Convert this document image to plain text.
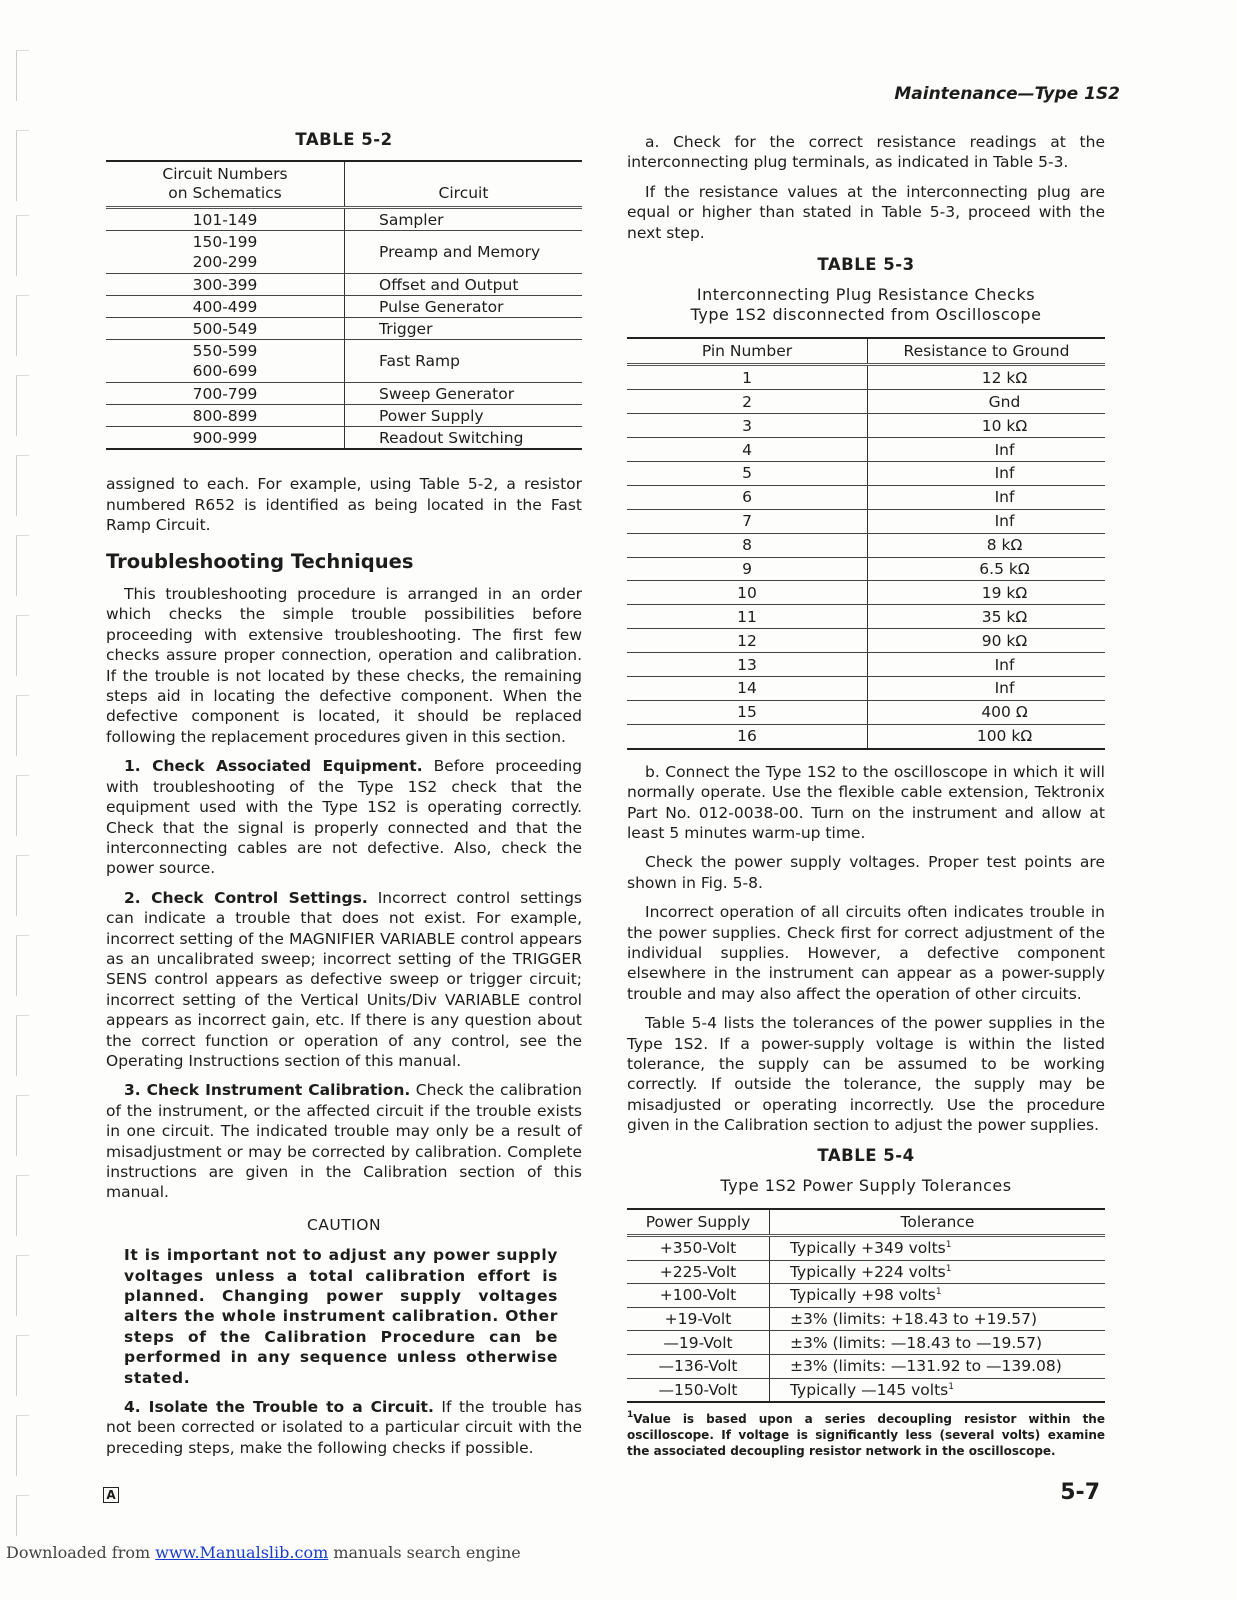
Maintenance—Type 1S2
TABLE 5-2
Circuit Numbers
on Schematics	Circuit
101-149	Sampler
150-199
200-299	Preamp and Memory
300-399	Offset and Output
400-499	Pulse Generator
500-549	Trigger
550-599
600-699	Fast Ramp
700-799	Sweep Generator
800-899	Power Supply
900-999	Readout Switching

assigned to each. For example, using Table 5-2, a resistor numbered R652 is identified as being located in the Fast Ramp Circuit.

Troubleshooting Techniques

This troubleshooting procedure is arranged in an order which checks the simple trouble possibilities before proceeding with extensive troubleshooting. The first few checks assure proper connection, operation and calibration. If the trouble is not located by these checks, the remaining steps aid in locating the defective component. When the defective component is located, it should be replaced following the replacement procedures given in this section.

1. Check Associated Equipment. Before proceeding with troubleshooting of the Type 1S2 check that the equipment used with the Type 1S2 is operating correctly. Check that the signal is properly connected and that the interconnecting cables are not defective. Also, check the power source.

2. Check Control Settings. Incorrect control settings can indicate a trouble that does not exist. For example, incorrect setting of the MAGNIFIER VARIABLE control appears as an uncalibrated sweep; incorrect setting of the TRIGGER SENS control appears as defective sweep or trigger circuit; incorrect setting of the Vertical Units/Div VARIABLE control appears as incorrect gain, etc. If there is any question about the correct function or operation of any control, see the Operating Instructions section of this manual.

3. Check Instrument Calibration. Check the calibration of the instrument, or the affected circuit if the trouble exists in one circuit. The indicated trouble may only be a result of misadjustment or may be corrected by calibration. Complete instructions are given in the Calibration section of this manual.

CAUTION
It is important not to adjust any power supply voltages unless a total calibration effort is planned. Changing power supply voltages alters the whole instrument calibration. Other steps of the Calibration Procedure can be performed in any sequence unless otherwise stated.

4. Isolate the Trouble to a Circuit. If the trouble has not been corrected or isolated to a particular circuit with the preceding steps, make the following checks if possible.

a. Check for the correct resistance readings at the interconnecting plug terminals, as indicated in Table 5-3.

If the resistance values at the interconnecting plug are equal or higher than stated in Table 5-3, proceed with the next step.

TABLE 5-3
Interconnecting Plug Resistance Checks
Type 1S2 disconnected from Oscilloscope
Pin Number	Resistance to Ground
1	12 kΩ
2	Gnd
3	10 kΩ
4	Inf
5	Inf
6	Inf
7	Inf
8	8 kΩ
9	6.5 kΩ
10	19 kΩ
11	35 kΩ
12	90 kΩ
13	Inf
14	Inf
15	400 Ω
16	100 kΩ

b. Connect the Type 1S2 to the oscilloscope in which it will normally operate. Use the flexible cable extension, Tektronix Part No. 012-0038-00. Turn on the instrument and allow at least 5 minutes warm-up time.

Check the power supply voltages. Proper test points are shown in Fig. 5-8.

Incorrect operation of all circuits often indicates trouble in the power supplies. Check first for correct adjustment of the individual supplies. However, a defective component elsewhere in the instrument can appear as a power-supply trouble and may also affect the operation of other circuits.

Table 5-4 lists the tolerances of the power supplies in the Type 1S2. If a power-supply voltage is within the listed tolerance, the supply can be assumed to be working correctly. If outside the tolerance, the supply may be misadjusted or operating incorrectly. Use the procedure given in the Calibration section to adjust the power supplies.

TABLE 5-4
Type 1S2 Power Supply Tolerances
Power Supply	Tolerance
+350-Volt	Typically +349 volts$^1$
+225-Volt	Typically +224 volts$^1$
+100-Volt	Typically +98 volts$^1$
+19-Volt	±3% (limits: +18.43 to +19.57)
—19-Volt	±3% (limits: —18.43 to —19.57)
—136-Volt	±3% (limits: —131.92 to —139.08)
—150-Volt	Typically —145 volts$^1$
$^1$Value is based upon a series decoupling resistor within the oscilloscope. If voltage is significantly less (several volts) examine the associated decoupling resistor network in the oscilloscope.
A	5-7
Downloaded from www.Manualslib.com manuals search engine
